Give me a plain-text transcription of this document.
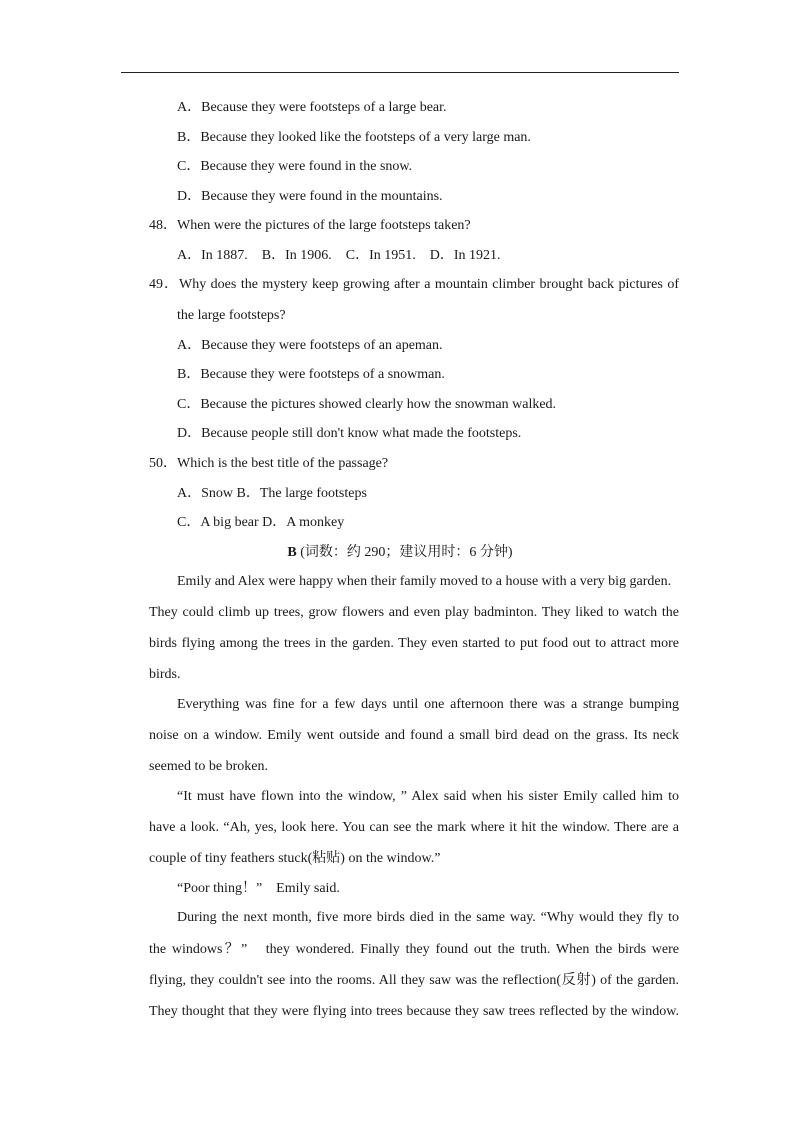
A．Because they were footsteps of a large bear.
B．Because they looked like the footsteps of a very large man.
C．Because they were found in the snow.
D．Because they were found in the mountains.
48．When were the pictures of the large footsteps taken?
A．In 1887.　B．In 1906.　C．In 1951.　D．In 1921.
49．Why does the mystery keep growing after a mountain climber brought back pictures of
the large footsteps?
A．Because they were footsteps of an apeman.
B．Because they were footsteps of a snowman.
C．Because the pictures showed clearly how the snowman walked.
D．Because people still don't know what made the footsteps.
50．Which is the best title of the passage?
A．Snow B．The large footsteps
C．A big bear D．A monkey
B (词数：约 290；建议用时：6 分钟)
Emily and Alex were happy when their family moved to a house with a very big garden.
They could climb up trees, grow flowers and even play badminton. They liked to watch the
birds flying among the trees in the garden. They even started to put food out to attract more
birds.
Everything was fine for a few days until one afternoon there was a strange bumping
noise on a window. Emily went outside and found a small bird dead on the grass. Its neck
seemed to be broken.
“It must have flown into the window, ” Alex said when his sister Emily called him to
have a look. “Ah, yes, look here. You can see the mark where it hit the window. There are a
couple of tiny feathers stuck(粘贴) on the window.”
“Poor thing！”　Emily said.
During the next month, five more birds died in the same way. “Why would they fly to
the windows？”　they wondered. Finally they found out the truth. When the birds were
flying, they couldn't see into the rooms. All they saw was the reflection(反射) of the garden.
They thought that they were flying into trees because they saw trees reflected by the window.
